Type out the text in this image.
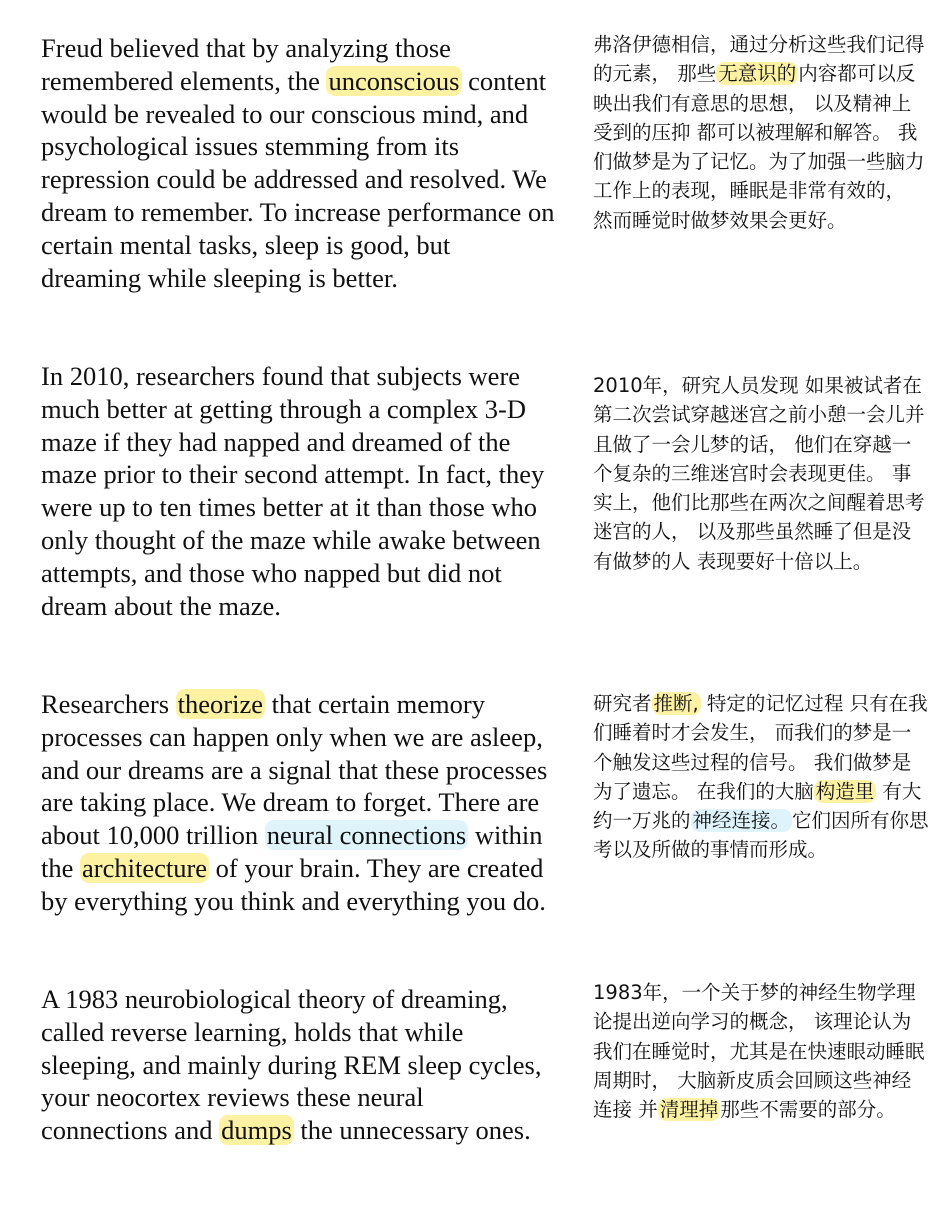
Freud believed that by analyzing those remembered elements, the unconscious content would be revealed to our conscious mind, and psychological issues stemming from its repression could be addressed and resolved. We dream to remember. To increase performance on certain mental tasks, sleep is good, but dreaming while sleeping is better.
弗洛伊德相信，通过分析这些我们记得的元素， 那些 无意识的 内容都可以反映出我们有意思的思想， 以及精神上受到的压抑 都可以被理解和解答。 我们做梦是为了记忆。为了加强一些脑力工作上的表现，睡眠是非常有效的， 然而睡觉时做梦效果会更好。
In 2010, researchers found that subjects were much better at getting through a complex 3-D maze if they had napped and dreamed of the maze prior to their second attempt. In fact, they were up to ten times better at it than those who only thought of the maze while awake between attempts, and those who napped but did not dream about the maze.
2010年，研究人员发现 如果被试者在第二次尝试穿越迷宫之前小憩一会儿并且做了一会儿梦的话， 他们在穿越一个复杂的三维迷宫时会表现更佳。 事实上，他们比那些在两次之间醒着思考迷宫的人， 以及那些虽然睡了但是没有做梦的人 表现要好十倍以上。
Researchers theorize that certain memory processes can happen only when we are asleep, and our dreams are a signal that these processes are taking place. We dream to forget. There are about 10,000 trillion neural connections within the architecture of your brain. They are created by everything you think and everything you do.
研究者 推断, 特定的记忆过程 只有在我们睡着时才会发生， 而我们的梦是一个触发这些过程的信号。 我们做梦是为了遗忘。 在我们的大脑 构造里 有大约一万兆的 神经连接。 它们因所有你思考以及所做的事情而形成。
A 1983 neurobiological theory of dreaming, called reverse learning, holds that while sleeping, and mainly during REM sleep cycles, your neocortex reviews these neural connections and dumps the unnecessary ones.
1983年，一个关于梦的神经生物学理论提出逆向学习的概念， 该理论认为我们在睡觉时，尤其是在快速眼动睡眠周期时， 大脑新皮质会回顾这些神经连接 并 清理掉 那些不需要的部分。
